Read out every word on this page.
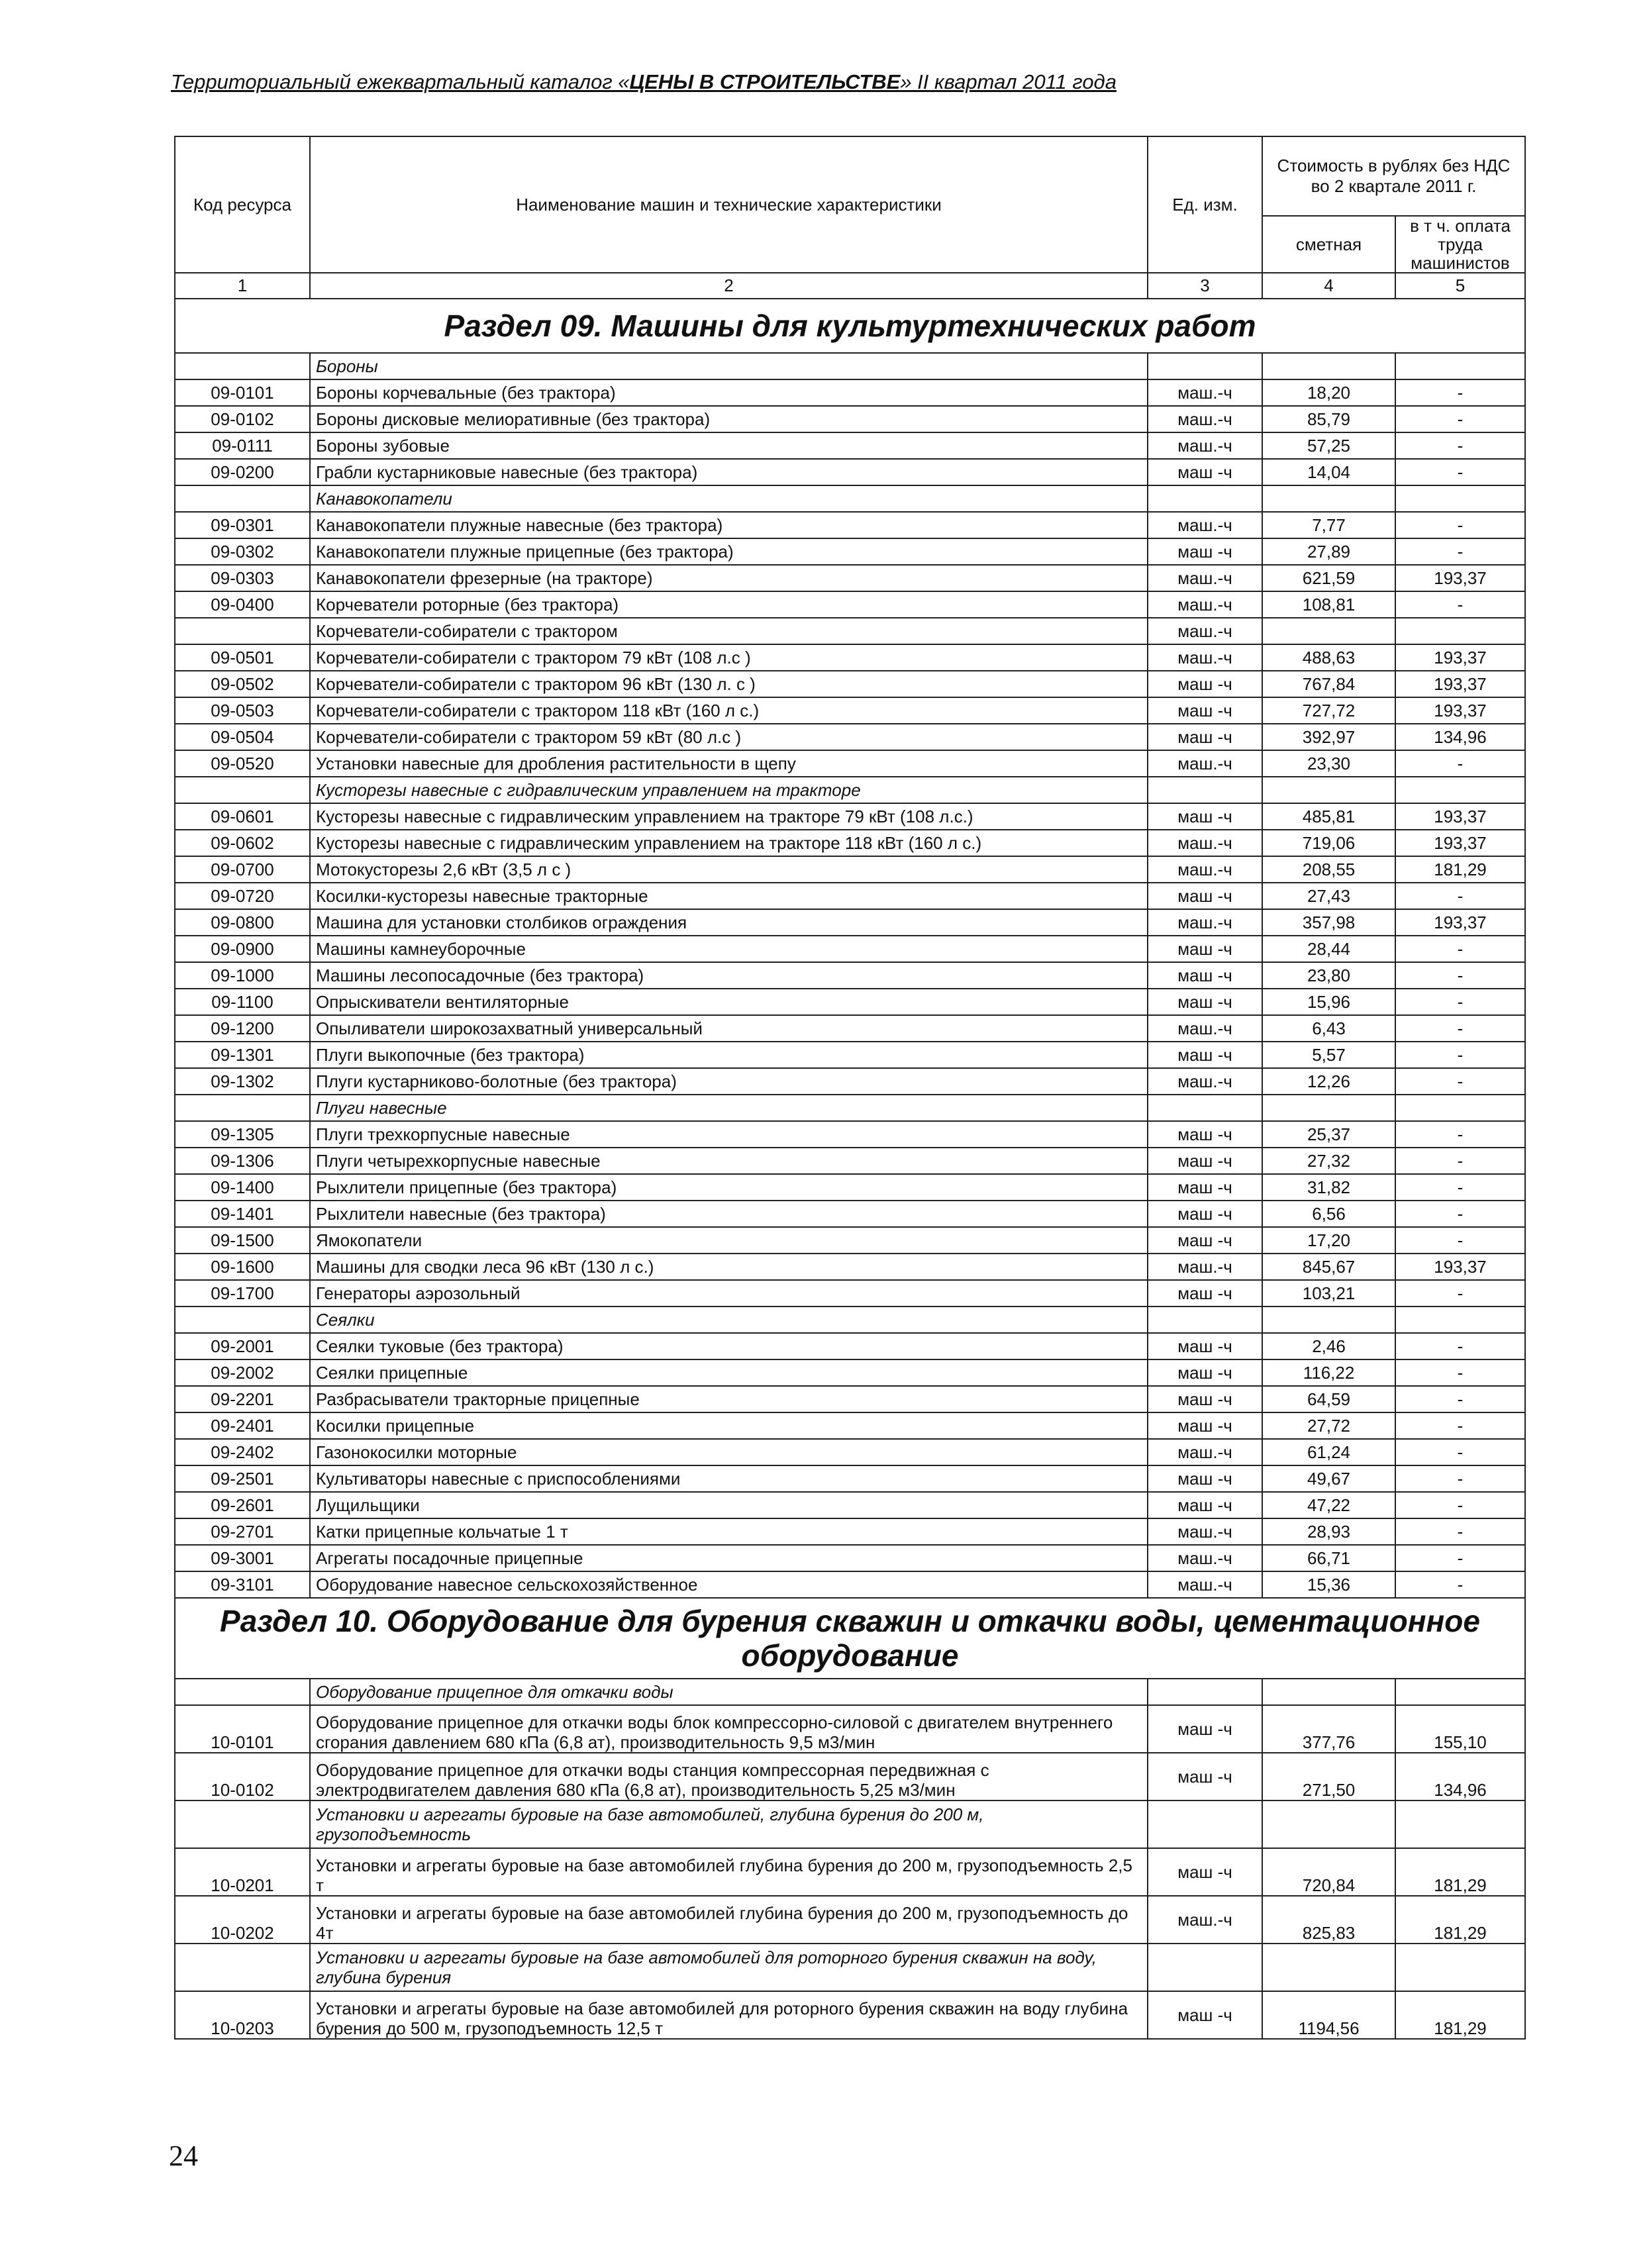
Территориальный ежеквартальный каталог «ЦЕНЫ В СТРОИТЕЛЬСТВЕ» II квартал 2011 года
Код ресурса	Наименование машин и технические характеристики	Ед. изм.	Стоимость в рублях без НДС во 2 квартале 2011 г.	
			сметная	в т ч. оплата труда машинистов
1	2	3	4	5
Раздел 09. Машины для культуртехнических работ				
	Бороны			
09-0101	Бороны корчевальные (без трактора)	маш.-ч	18,20	-
09-0102	Бороны дисковые мелиоративные (без трактора)	маш.-ч	85,79	-
09-0111	Бороны зубовые	маш.-ч	57,25	-
09-0200	Грабли кустарниковые навесные (без трактора)	маш -ч	14,04	-
	Канавокопатели			
09-0301	Канавокопатели плужные навесные (без трактора)	маш.-ч	7,77	-
09-0302	Канавокопатели плужные прицепные (без трактора)	маш -ч	27,89	-
09-0303	Канавокопатели фрезерные (на тракторе)	маш.-ч	621,59	193,37
09-0400	Корчеватели роторные (без трактора)	маш.-ч	108,81	-
	Корчеватели-собиратели с трактором	маш.-ч		
09-0501	Корчеватели-собиратели с трактором 79 кВт (108 л.с )	маш.-ч	488,63	193,37
09-0502	Корчеватели-собиратели с трактором 96 кВт (130 л. с )	маш -ч	767,84	193,37
09-0503	Корчеватели-собиратели с трактором 118 кВт (160 л с.)	маш -ч	727,72	193,37
09-0504	Корчеватели-собиратели с трактором 59 кВт (80 л.с )	маш -ч	392,97	134,96
09-0520	Установки навесные для дробления растительности в щепу	маш.-ч	23,30	-
	Кусторезы навесные с гидравлическим управлением на тракторе			
09-0601	Кусторезы навесные с гидравлическим управлением на тракторе 79 кВт (108 л.с.)	маш -ч	485,81	193,37
09-0602	Кусторезы навесные с гидравлическим управлением на тракторе 118 кВт (160 л с.)	маш.-ч	719,06	193,37
09-0700	Мотокусторезы 2,6 кВт (3,5 л с )	маш.-ч	208,55	181,29
09-0720	Косилки-кусторезы навесные тракторные	маш -ч	27,43	-
09-0800	Машина для установки столбиков ограждения	маш.-ч	357,98	193,37
09-0900	Машины камнеуборочные	маш -ч	28,44	-
09-1000	Машины лесопосадочные (без трактора)	маш -ч	23,80	-
09-1100	Опрыскиватели вентиляторные	маш -ч	15,96	-
09-1200	Опыливатели широкозахватный универсальный	маш.-ч	6,43	-
09-1301	Плуги выкопочные (без трактора)	маш -ч	5,57	-
09-1302	Плуги кустарниково-болотные (без трактора)	маш.-ч	12,26	-
	Плуги навесные			
09-1305	Плуги трехкорпусные навесные	маш -ч	25,37	-
09-1306	Плуги четырехкорпусные навесные	маш -ч	27,32	-
09-1400	Рыхлители прицепные (без трактора)	маш -ч	31,82	-
09-1401	Рыхлители навесные (без трактора)	маш -ч	6,56	-
09-1500	Ямокопатели	маш -ч	17,20	-
09-1600	Машины для сводки леса 96 кВт (130 л с.)	маш.-ч	845,67	193,37
09-1700	Генераторы аэрозольный	маш -ч	103,21	-
	Сеялки			
09-2001	Сеялки туковые (без трактора)	маш -ч	2,46	-
09-2002	Сеялки прицепные	маш -ч	116,22	-
09-2201	Разбрасыватели тракторные прицепные	маш -ч	64,59	-
09-2401	Косилки прицепные	маш -ч	27,72	-
09-2402	Газонокосилки моторные	маш.-ч	61,24	-
09-2501	Культиваторы навесные с приспособлениями	маш -ч	49,67	-
09-2601	Лущильщики	маш -ч	47,22	-
09-2701	Катки прицепные кольчатые 1 т	маш.-ч	28,93	-
09-3001	Агрегаты посадочные прицепные	маш.-ч	66,71	-
09-3101	Оборудование навесное сельскохозяйственное	маш.-ч	15,36	-
Раздел 10. Оборудование для бурения скважин и откачки воды, цементационное оборудование				
	Оборудование прицепное для откачки воды			
10-0101	Оборудование прицепное для откачки воды блок компрессорно-силовой с двигателем внутреннего сгорания давлением 680 кПа (6,8 ат), производительность 9,5 м3/мин	маш -ч	377,76	155,10
10-0102	Оборудование прицепное для откачки воды станция компрессорная передвижная с электродвигателем давления 680 кПа (6,8 ат), производительность 5,25 м3/мин	маш -ч	271,50	134,96
	Установки и агрегаты буровые на базе автомобилей, глубина бурения до 200 м, грузоподъемность			
10-0201	Установки и агрегаты буровые на базе автомобилей глубина бурения до 200 м, грузоподъемность 2,5 т	маш -ч	720,84	181,29
10-0202	Установки и агрегаты буровые на базе автомобилей глубина бурения до 200 м, грузоподъемность до 4т	маш.-ч	825,83	181,29
	Установки и агрегаты буровые на базе автомобилей для роторного бурения скважин на воду, глубина бурения			
10-0203	Установки и агрегаты буровые на базе автомобилей для роторного бурения скважин на воду глубина бурения до 500 м, грузоподъемность 12,5 т	маш -ч	1194,56	181,29
24
